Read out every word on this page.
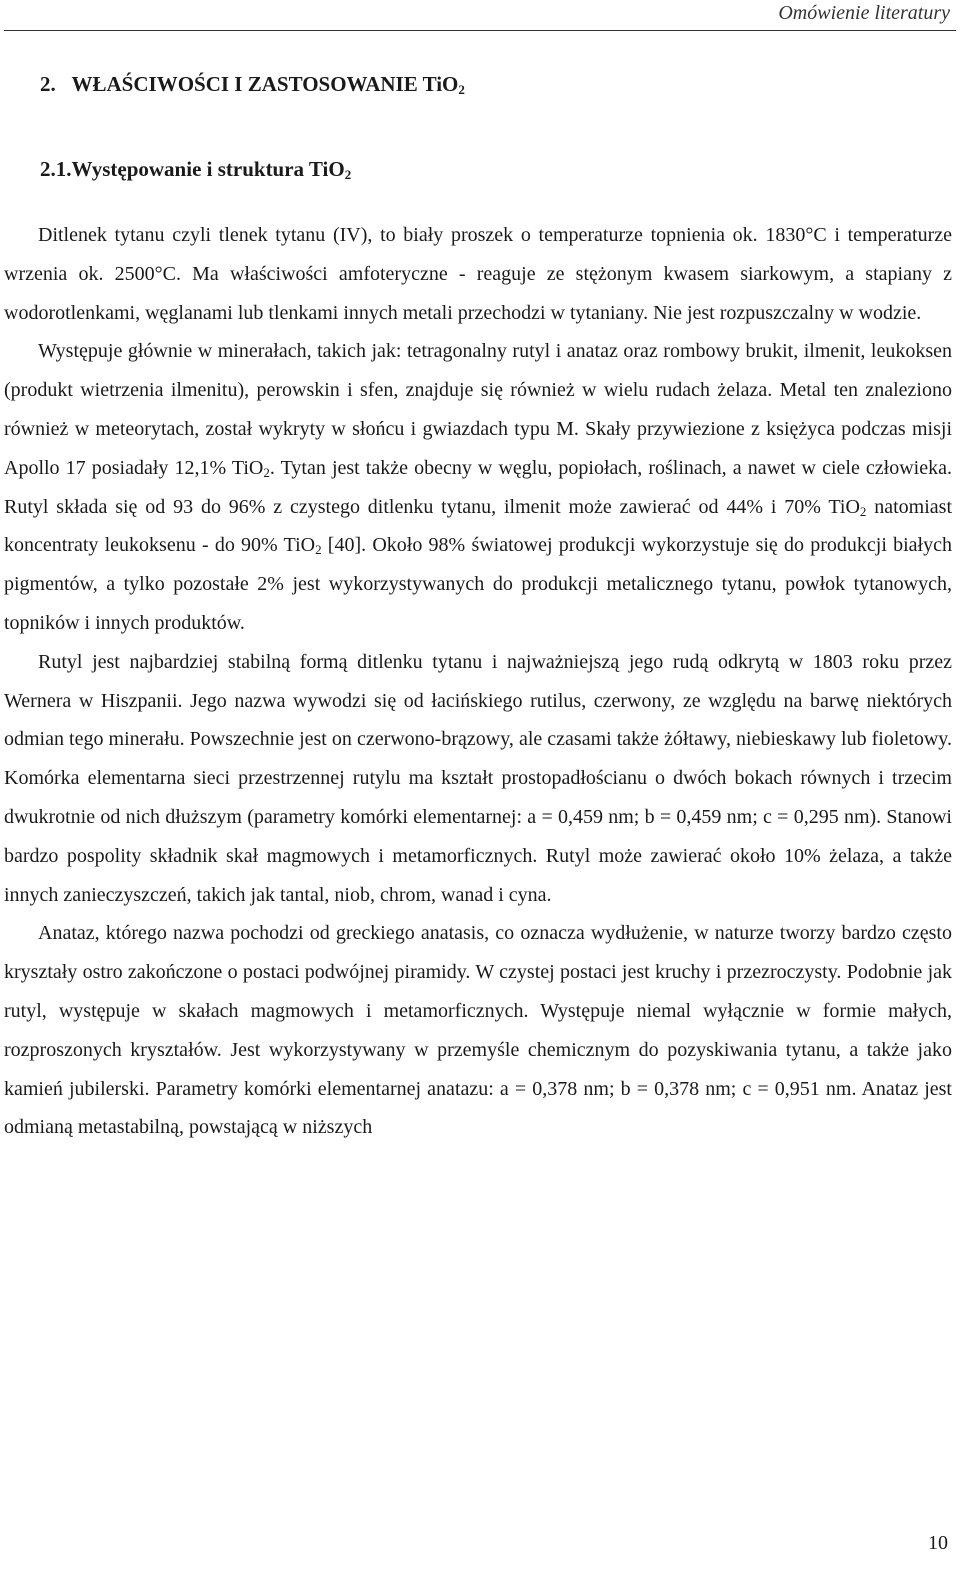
Omówienie literatury
2. WŁAŚCIWOŚCI I ZASTOSOWANIE TiO$_2$
2.1.Występowanie i struktura TiO$_2$

Ditlenek tytanu czyli tlenek tytanu (IV), to biały proszek o temperaturze topnienia ok. 1830°C i temperaturze wrzenia ok. 2500°C. Ma właściwości amfoteryczne - reaguje ze stężonym kwasem siarkowym, a stapiany z wodorotlenkami, węglanami lub tlenkami innych metali przechodzi w tytaniany. Nie jest rozpuszczalny w wodzie.

Występuje głównie w minerałach, takich jak: tetragonalny rutyl i anataz oraz rombowy brukit, ilmenit, leukoksen (produkt wietrzenia ilmenitu), perowskin i sfen, znajduje się również w wielu rudach żelaza. Metal ten znaleziono również w meteorytach, został wykryty w słońcu i gwiazdach typu M. Skały przywiezione z księżyca podczas misji Apollo 17 posiadały 12,1% TiO$_2$. Tytan jest także obecny w węglu, popiołach, roślinach, a nawet w ciele człowieka. Rutyl składa się od 93 do 96% z czystego ditlenku tytanu, ilmenit może zawierać od 44% i 70% TiO$_2$ natomiast koncentraty leukoksenu - do 90% TiO$_2$ [40]. Około 98% światowej produkcji wykorzystuje się do produkcji białych pigmentów, a tylko pozostałe 2% jest wykorzystywanych do produkcji metalicznego tytanu, powłok tytanowych, topników i innych produktów.

Rutyl jest najbardziej stabilną formą ditlenku tytanu i najważniejszą jego rudą odkrytą w 1803 roku przez Wernera w Hiszpanii. Jego nazwa wywodzi się od łacińskiego rutilus, czerwony, ze względu na barwę niektórych odmian tego minerału. Powszechnie jest on czerwono-brązowy, ale czasami także żółtawy, niebieskawy lub fioletowy. Komórka elementarna sieci przestrzennej rutylu ma kształt prostopadłościanu o dwóch bokach równych i trzecim dwukrotnie od nich dłuższym (parametry komórki elementarnej: a = 0,459 nm; b = 0,459 nm; c = 0,295 nm). Stanowi bardzo pospolity składnik skał magmowych i metamorficznych. Rutyl może zawierać około 10% żelaza, a także innych zanieczyszczeń, takich jak tantal, niob, chrom, wanad i cyna.

Anataz, którego nazwa pochodzi od greckiego anatasis, co oznacza wydłużenie, w naturze tworzy bardzo często kryształy ostro zakończone o postaci podwójnej piramidy. W czystej postaci jest kruchy i przezroczysty. Podobnie jak rutyl, występuje w skałach magmowych i metamorficznych. Występuje niemal wyłącznie w formie małych, rozproszonych kryształów. Jest wykorzystywany w przemyśle chemicznym do pozyskiwania tytanu, a także jako kamień jubilerski. Parametry komórki elementarnej anatazu: a = 0,378 nm; b = 0,378 nm; c = 0,951 nm. Anataz jest odmianą metastabilną, powstającą w niższych

10
